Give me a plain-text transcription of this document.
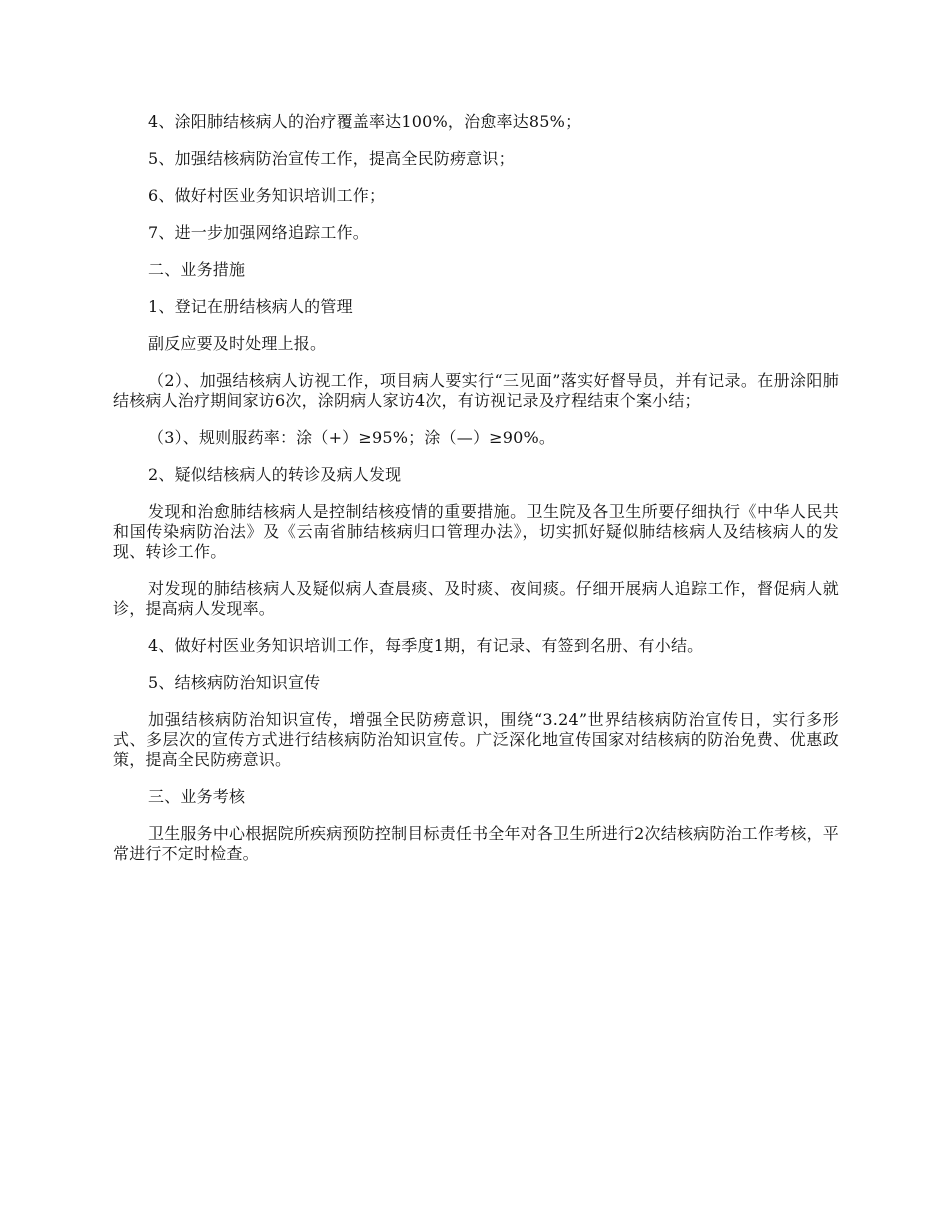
4、涂阳肺结核病人的治疗覆盖率达100%，治愈率达85%；

5、加强结核病防治宣传工作，提高全民防痨意识；

6、做好村医业务知识培训工作；

7、进一步加强网络追踪工作。

二、业务措施

1、登记在册结核病人的管理

副反应要及时处理上报。

（2）、加强结核病人访视工作，项目病人要实行“三见面”落实好督导员，并有记录。在册涂阳肺结核病人治疗期间家访6次，涂阴病人家访4次，有访视记录及疗程结束个案小结；

（3）、规则服药率：涂（+）≥95%；涂（—）≥90%。

2、疑似结核病人的转诊及病人发现

发现和治愈肺结核病人是控制结核疫情的重要措施。卫生院及各卫生所要仔细执行《中华人民共和国传染病防治法》及《云南省肺结核病归口管理办法》，切实抓好疑似肺结核病人及结核病人的发现、转诊工作。

对发现的肺结核病人及疑似病人查晨痰、及时痰、夜间痰。仔细开展病人追踪工作，督促病人就诊，提高病人发现率。

4、做好村医业务知识培训工作，每季度1期，有记录、有签到名册、有小结。

5、结核病防治知识宣传

加强结核病防治知识宣传，增强全民防痨意识，围绕“3.24”世界结核病防治宣传日，实行多形式、多层次的宣传方式进行结核病防治知识宣传。广泛深化地宣传国家对结核病的防治免费、优惠政策，提高全民防痨意识。

三、业务考核

卫生服务中心根据院所疾病预防控制目标责任书全年对各卫生所进行2次结核病防治工作考核，平常进行不定时检查。
